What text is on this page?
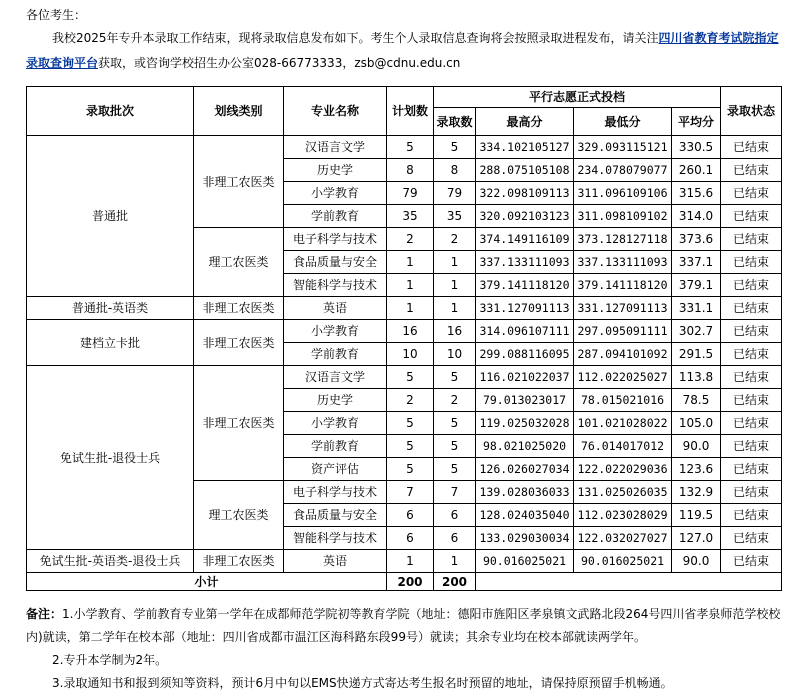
各位考生：
我校2025年专升本录取工作结束，现将录取信息发布如下。考生个人录取信息查询将会按照录取进程发布，请关注四川省教育考试院指定录取查询平台获取，或咨询学校招生办公室028-66773333，zsb@cdnu.edu.cn
录取批次	划线类别	专业名称	计划数	平行志愿正式投档				录取状态
				录取数	最高分	最低分	平均分	
普通批	非理工农医类	汉语言文学	5	5	334.102105127	329.093115121	330.5	已结束
		历史学	8	8	288.075105108	234.078079077	260.1	已结束
		小学教育	79	79	322.098109113	311.096109106	315.6	已结束
		学前教育	35	35	320.092103123	311.098109102	314.0	已结束
	理工农医类	电子科学与技术	2	2	374.149116109	373.128127118	373.6	已结束
		食品质量与安全	1	1	337.133111093	337.133111093	337.1	已结束
		智能科学与技术	1	1	379.141118120	379.141118120	379.1	已结束
普通批-英语类	非理工农医类	英语	1	1	331.127091113	331.127091113	331.1	已结束
建档立卡批	非理工农医类	小学教育	16	16	314.096107111	297.095091111	302.7	已结束
		学前教育	10	10	299.088116095	287.094101092	291.5	已结束
免试生批-退役士兵	非理工农医类	汉语言文学	5	5	116.021022037	112.022025027	113.8	已结束
		历史学	2	2	79.013023017	78.015021016	78.5	已结束
		小学教育	5	5	119.025032028	101.021028022	105.0	已结束
		学前教育	5	5	98.021025020	76.014017012	90.0	已结束
		资产评估	5	5	126.026027034	122.022029036	123.6	已结束
	理工农医类	电子科学与技术	7	7	139.028036033	131.025026035	132.9	已结束
		食品质量与安全	6	6	128.024035040	112.023028029	119.5	已结束
		智能科学与技术	6	6	133.029030034	122.032027027	127.0	已结束
免试生批-英语类-退役士兵	非理工农医类	英语	1	1	90.016025021	90.016025021	90.0	已结束
小计			200	200				
备注：1.小学教育、学前教育专业第一学年在成都师范学院初等教育学院（地址：德阳市旌阳区孝泉镇文武路北段264号四川省孝泉师范学校校内)就读，第二学年在校本部（地址：四川省成都市温江区海科路东段99号）就读；其余专业均在校本部就读两学年。
2.专升本学制为2年。
3.录取通知书和报到须知等资料，预计6月中旬以EMS快递方式寄达考生报名时预留的地址，请保持原预留手机畅通。
